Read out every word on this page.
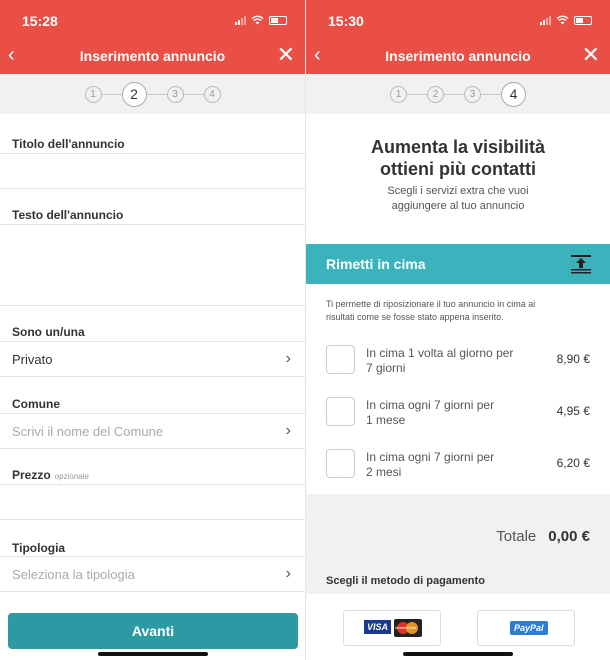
15:28
‹	Inserimento annuncio	✕
1	2	3	4
Titolo dell'annuncio
Testo dell'annuncio
Sono un/una
Privato	›
Comune
Scrivi il nome del Comune	›
Prezzo opzionale
Tipologia
Seleziona la tipologia	›
Avanti
15:30
‹	Inserimento annuncio	✕
1	2	3	4
Aumenta la visibilità
ottieni più contatti
Scegli i servizi extra che vuoi
aggiungere al tuo annuncio
Rimetti in cima
Ti permette di riposizionare il tuo annuncio in cima ai
risultati come se fosse stato appena inserito.
In cima 1 volta al giorno per
7 giorni
8,90 €
In cima ogni 7 giorni per
1 mese
4,95 €
In cima ogni 7 giorni per
2 mesi
6,20 €
Totale 0,00 €
Scegli il metodo di pagamento
VISA	MasterCard	PayPal
